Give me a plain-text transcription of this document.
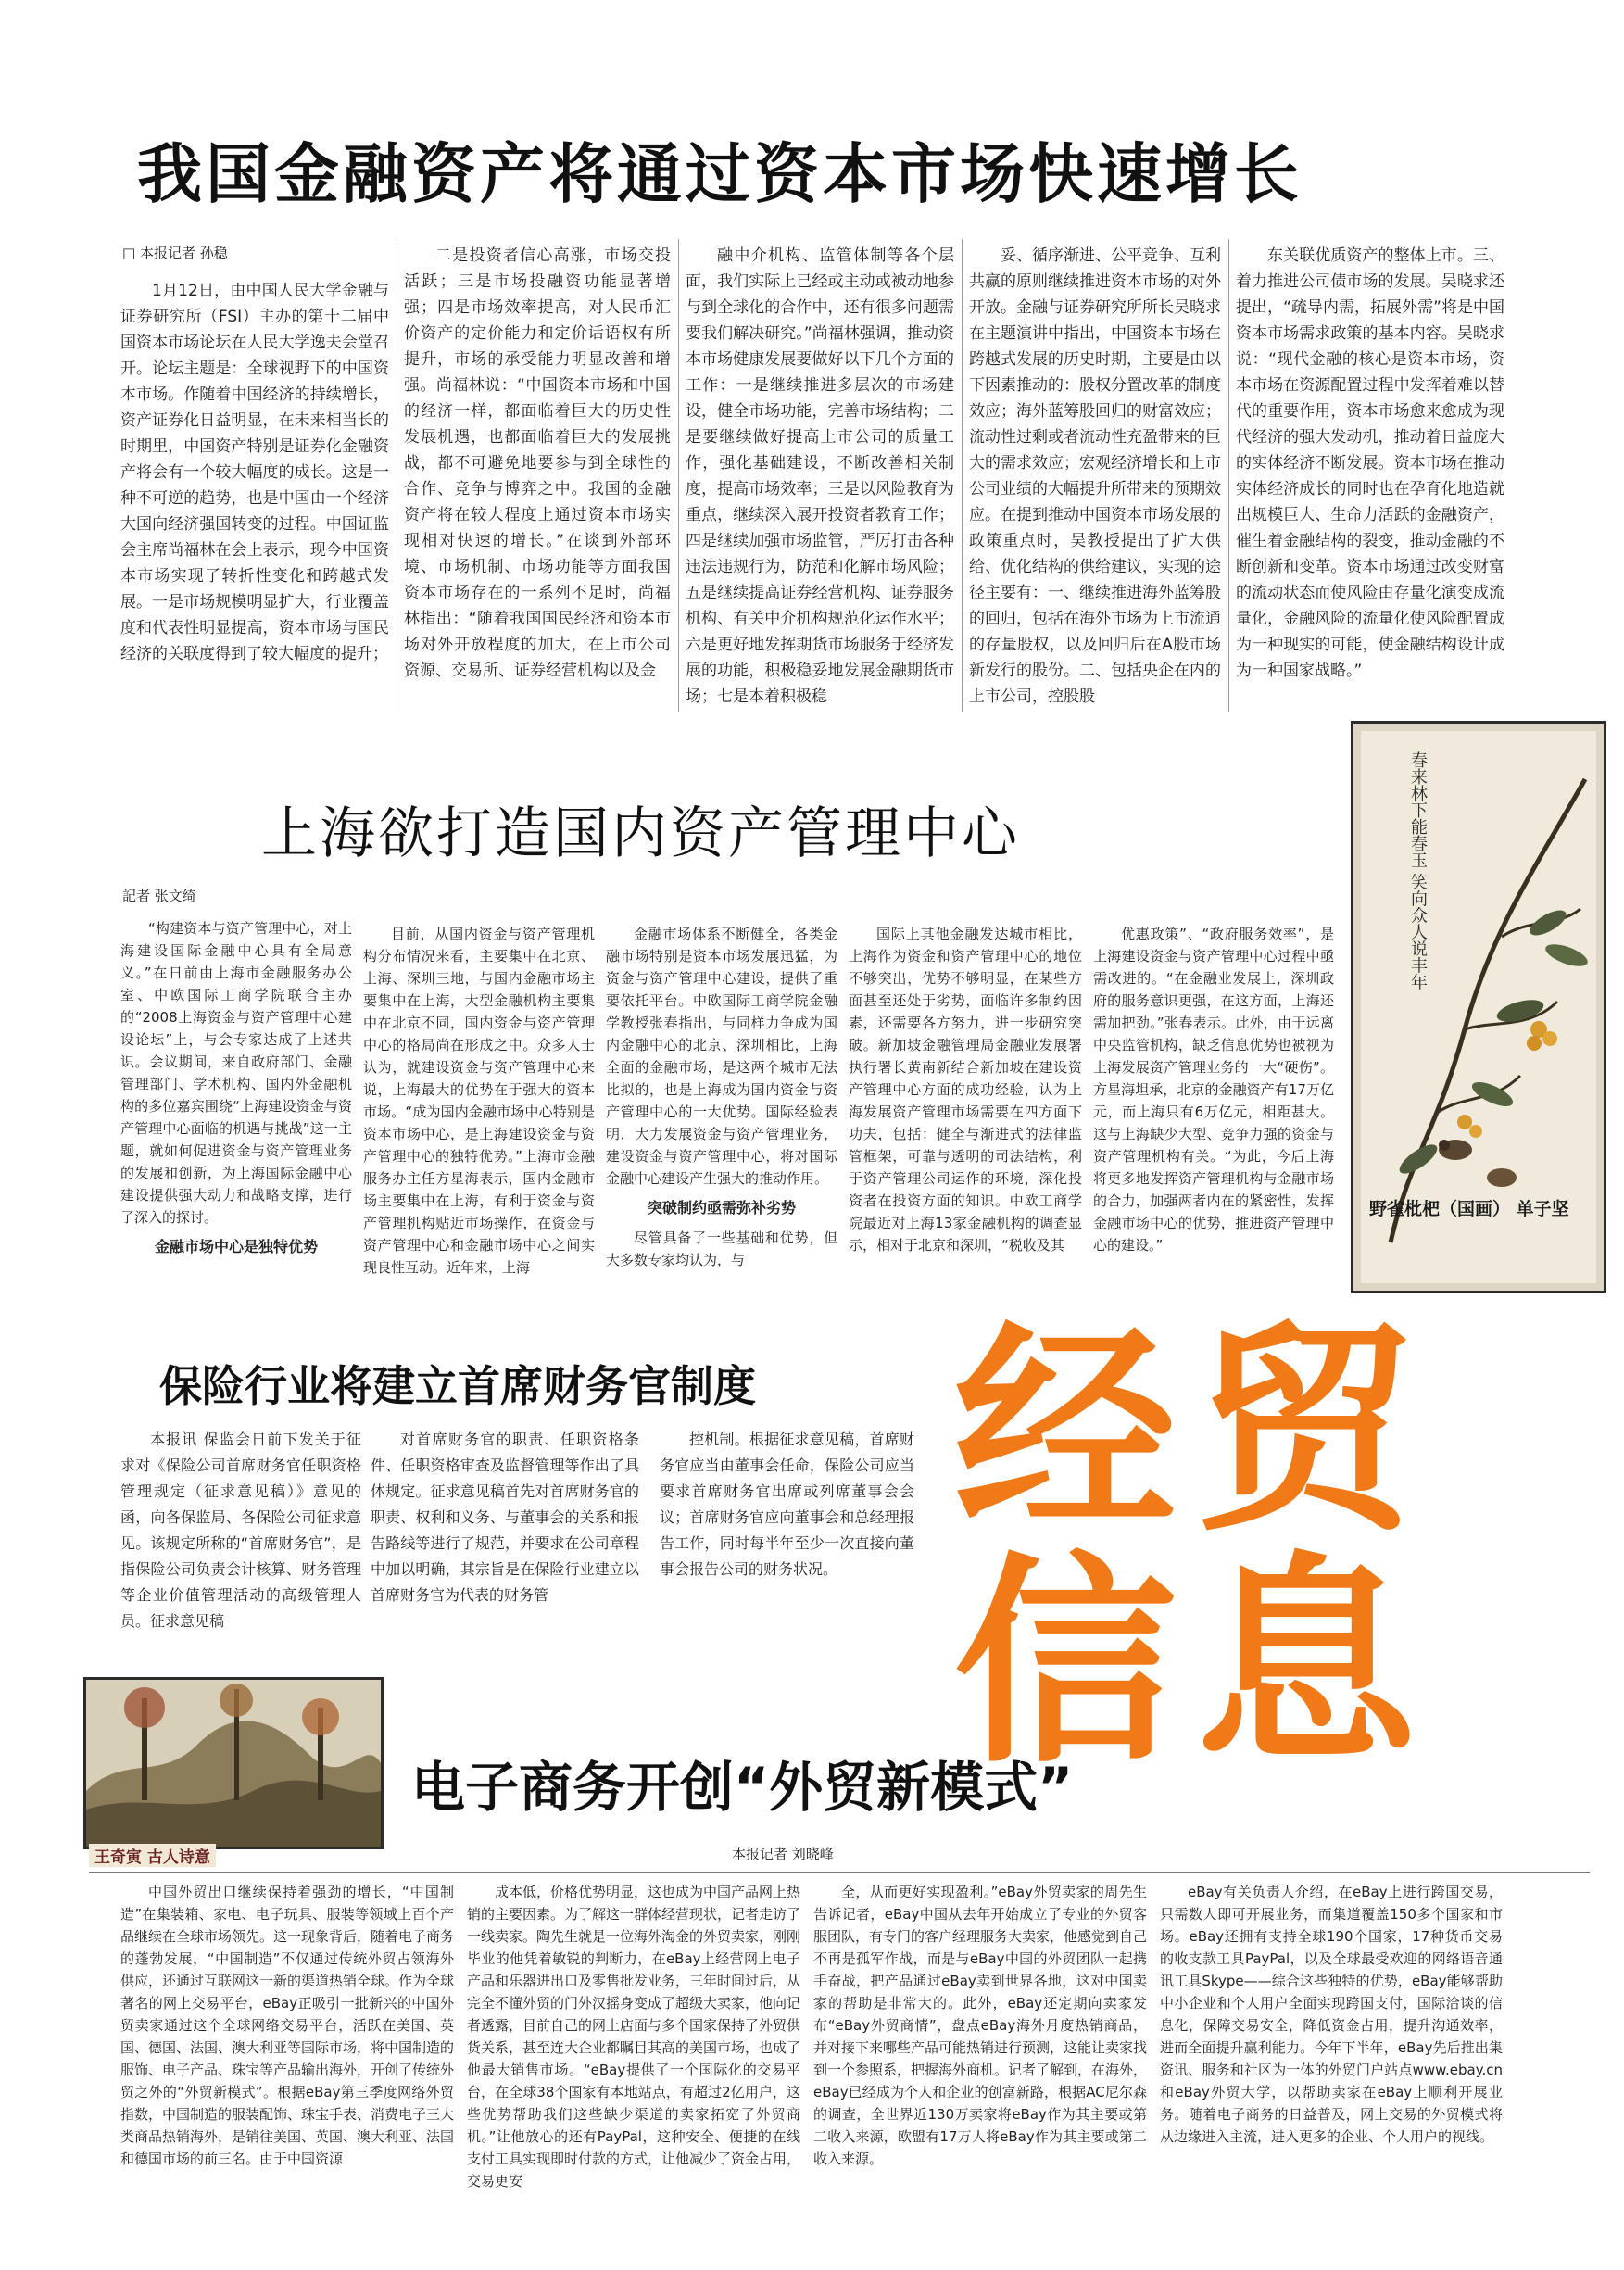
我国金融资产将通过资本市场快速增长
□ 本报记者 孙稳

1月12日，由中国人民大学金融与证券研究所（FSI）主办的第十二届中国资本市场论坛在人民大学逸夫会堂召开。论坛主题是：全球视野下的中国资本市场。作随着中国经济的持续增长，资产证券化日益明显，在未来相当长的时期里，中国资产特别是证券化金融资产将会有一个较大幅度的成长。这是一种不可逆的趋势，也是中国由一个经济大国向经济强国转变的过程。中国证监会主席尚福林在会上表示，现今中国资本市场实现了转折性变化和跨越式发展。一是市场规模明显扩大，行业覆盖度和代表性明显提高，资本市场与国民经济的关联度得到了较大幅度的提升；

二是投资者信心高涨，市场交投活跃；三是市场投融资功能显著增强；四是市场效率提高，对人民币汇价资产的定价能力和定价话语权有所提升，市场的承受能力明显改善和增强。尚福林说：“中国资本市场和中国的经济一样，都面临着巨大的历史性发展机遇，也都面临着巨大的发展挑战，都不可避免地要参与到全球性的合作、竞争与博弈之中。我国的金融资产将在较大程度上通过资本市场实现相对快速的增长。”在谈到外部环境、市场机制、市场功能等方面我国资本市场存在的一系列不足时，尚福林指出：“随着我国国民经济和资本市场对外开放程度的加大，在上市公司资源、交易所、证券经营机构以及金

融中介机构、监管体制等各个层面，我们实际上已经或主动或被动地参与到全球化的合作中，还有很多问题需要我们解决研究。”尚福林强调，推动资本市场健康发展要做好以下几个方面的工作：一是继续推进多层次的市场建设，健全市场功能，完善市场结构；二是要继续做好提高上市公司的质量工作，强化基础建设，不断改善相关制度，提高市场效率；三是以风险教育为重点，继续深入展开投资者教育工作；四是继续加强市场监管，严厉打击各种违法违规行为，防范和化解市场风险；五是继续提高证券经营机构、证券服务机构、有关中介机构规范化运作水平；六是更好地发挥期货市场服务于经济发展的功能，积极稳妥地发展金融期货市场；七是本着积极稳

妥、循序渐进、公平竞争、互利共赢的原则继续推进资本市场的对外开放。金融与证券研究所所长吴晓求在主题演讲中指出，中国资本市场在跨越式发展的历史时期，主要是由以下因素推动的：股权分置改革的制度效应；海外蓝筹股回归的财富效应；流动性过剩或者流动性充盈带来的巨大的需求效应；宏观经济增长和上市公司业绩的大幅提升所带来的预期效应。在提到推动中国资本市场发展的政策重点时，吴教授提出了扩大供给、优化结构的供给建议，实现的途径主要有：一、继续推进海外蓝筹股的回归，包括在海外市场为上市流通的存量股权，以及回归后在A股市场新发行的股份。二、包括央企在内的上市公司，控股股

东关联优质资产的整体上市。三、着力推进公司债市场的发展。吴晓求还提出，“疏导内需，拓展外需”将是中国资本市场需求政策的基本内容。吴晓求说：“现代金融的核心是资本市场，资本市场在资源配置过程中发挥着难以替代的重要作用，资本市场愈来愈成为现代经济的强大发动机，推动着日益庞大的实体经济不断发展。资本市场在推动实体经济成长的同时也在孕育化地造就出规模巨大、生命力活跃的金融资产，催生着金融结构的裂变，推动金融的不断创新和变革。资本市场通过改变财富的流动状态而使风险由存量化演变成流量化，金融风险的流量化使风险配置成为一种现实的可能，使金融结构设计成为一种国家战略。”

上海欲打造国内资产管理中心
記者 张文绮

“构建资本与资产管理中心，对上海建设国际金融中心具有全局意义。”在日前由上海市金融服务办公室、中欧国际工商学院联合主办的“2008上海资金与资产管理中心建设论坛”上，与会专家达成了上述共识。会议期间，来自政府部门、金融管理部门、学术机构、国内外金融机构的多位嘉宾围绕“上海建设资金与资产管理中心面临的机遇与挑战”这一主题，就如何促进资金与资产管理业务的发展和创新，为上海国际金融中心建设提供强大动力和战略支撑，进行了深入的探讨。

金融市场中心是独特优势

目前，从国内资金与资产管理机构分布情况来看，主要集中在北京、上海、深圳三地，与国内金融市场主要集中在上海，大型金融机构主要集中在北京不同，国内资金与资产管理中心的格局尚在形成之中。众多人士认为，就建设资金与资产管理中心来说，上海最大的优势在于强大的资本市场。“成为国内金融市场中心特别是资本市场中心，是上海建设资金与资产管理中心的独特优势。”上海市金融服务办主任方星海表示，国内金融市场主要集中在上海，有利于资金与资产管理机构贴近市场操作，在资金与资产管理中心和金融市场中心之间实现良性互动。近年来，上海

金融市场体系不断健全，各类金融市场特别是资本市场发展迅猛，为资金与资产管理中心建设，提供了重要依托平台。中欧国际工商学院金融学教授张春指出，与同样力争成为国内金融中心的北京、深圳相比，上海全面的金融市场，是这两个城市无法比拟的，也是上海成为国内资金与资产管理中心的一大优势。国际经验表明，大力发展资金与资产管理业务，建设资金与资产管理中心，将对国际金融中心建设产生强大的推动作用。

突破制约亟需弥补劣势

尽管具备了一些基础和优势，但大多数专家均认为，与

国际上其他金融发达城市相比，上海作为资金和资产管理中心的地位不够突出，优势不够明显，在某些方面甚至还处于劣势，面临许多制约因素，还需要各方努力，进一步研究突破。新加坡金融管理局金融业发展署执行署长黄南新结合新加坡在建设资产管理中心方面的成功经验，认为上海发展资产管理市场需要在四方面下功夫，包括：健全与渐进式的法律监管框架，可靠与透明的司法结构，利于资产管理公司运作的环境，深化投资者在投资方面的知识。中欧工商学院最近对上海13家金融机构的调查显示，相对于北京和深圳，“税收及其

优惠政策”、“政府服务效率”，是上海建设资金与资产管理中心过程中亟需改进的。“在金融业发展上，深圳政府的服务意识更强，在这方面，上海还需加把劲。”张春表示。此外，由于远离中央监管机构，缺乏信息优势也被视为上海发展资产管理业务的一大“硬伤”。方星海坦承，北京的金融资产有17万亿元，而上海只有6万亿元，相距甚大。这与上海缺少大型、竞争力强的资金与资产管理机构有关。“为此，今后上海将更多地发挥资产管理机构与金融市场的合力，加强两者内在的紧密性，发挥金融市场中心的优势，推进资产管理中心的建设。”

春来林下能春玉 笑向众人说丰年
野雀枇杷（国画） 单子坚
经贸信息
保险行业将建立首席财务官制度

本报讯 保监会日前下发关于征求对《保险公司首席财务官任职资格管理规定（征求意见稿）》意见的函，向各保监局、各保险公司征求意见。该规定所称的“首席财务官”，是指保险公司负责会计核算、财务管理等企业价值管理活动的高级管理人员。征求意见稿

对首席财务官的职责、任职资格条件、任职资格审查及监督管理等作出了具体规定。征求意见稿首先对首席财务官的职责、权利和义务、与董事会的关系和报告路线等进行了规范，并要求在公司章程中加以明确，其宗旨是在保险行业建立以首席财务官为代表的财务管

控机制。根据征求意见稿，首席财务官应当由董事会任命，保险公司应当要求首席财务官出席或列席董事会会议；首席财务官应向董事会和总经理报告工作，同时每半年至少一次直接向董事会报告公司的财务状况。

王奇寅 古人诗意
电子商务开创“外贸新模式”
本报记者 刘晓峰

中国外贸出口继续保持着强劲的增长，“中国制造”在集装箱、家电、电子玩具、服装等领域上百个产品继续在全球市场领先。这一现象背后，随着电子商务的蓬勃发展，“中国制造”不仅通过传统外贸占领海外供应，还通过互联网这一新的渠道热销全球。作为全球著名的网上交易平台，eBay正吸引一批新兴的中国外贸卖家通过这个全球网络交易平台，活跃在美国、英国、德国、法国、澳大利亚等国际市场，将中国制造的服饰、电子产品、珠宝等产品输出海外，开创了传统外贸之外的“外贸新模式”。根据eBay第三季度网络外贸指数，中国制造的服装配饰、珠宝手表、消费电子三大类商品热销海外，是销往美国、英国、澳大利亚、法国和德国市场的前三名。由于中国资源

成本低，价格优势明显，这也成为中国产品网上热销的主要因素。为了解这一群体经营现状，记者走访了一线卖家。陶先生就是一位海外淘金的外贸卖家，刚刚毕业的他凭着敏锐的判断力，在eBay上经营网上电子产品和乐器进出口及零售批发业务，三年时间过后，从完全不懂外贸的门外汉摇身变成了超级大卖家，他向记者透露，目前自己的网上店面与多个国家保持了外贸供货关系，甚至连大企业都瞩目其高的美国市场，也成了他最大销售市场。“eBay提供了一个国际化的交易平台，在全球38个国家有本地站点，有超过2亿用户，这些优势帮助我们这些缺少渠道的卖家拓宽了外贸商机。”让他放心的还有PayPal，这种安全、便捷的在线支付工具实现即时付款的方式，让他减少了资金占用，交易更安

全，从而更好实现盈利。”eBay外贸卖家的周先生告诉记者，eBay中国从去年开始成立了专业的外贸客服团队，有专门的客户经理服务大卖家，他感觉到自己不再是孤军作战，而是与eBay中国的外贸团队一起携手奋战，把产品通过eBay卖到世界各地，这对中国卖家的帮助是非常大的。此外，eBay还定期向卖家发布“eBay外贸商情”，盘点eBay海外月度热销商品，并对接下来哪些产品可能热销进行预测，这能让卖家找到一个参照系，把握海外商机。记者了解到，在海外，eBay已经成为个人和企业的创富新路，根据AC尼尔森的调查，全世界近130万卖家将eBay作为其主要或第二收入来源，欧盟有17万人将eBay作为其主要或第二收入来源。

eBay有关负责人介绍，在eBay上进行跨国交易，只需数人即可开展业务，而集道覆盖150多个国家和市场。eBay还拥有支持全球190个国家，17种货币交易的收支款工具PayPal，以及全球最受欢迎的网络语音通讯工具Skype——综合这些独特的优势，eBay能够帮助中小企业和个人用户全面实现跨国支付，国际洽谈的信息化，保障交易安全，降低资金占用，提升沟通效率，进而全面提升赢利能力。今年下半年，eBay先后推出集资讯、服务和社区为一体的外贸门户站点www.ebay.cn和eBay外贸大学，以帮助卖家在eBay上顺利开展业务。随着电子商务的日益普及，网上交易的外贸模式将从边缘进入主流，进入更多的企业、个人用户的视线。
